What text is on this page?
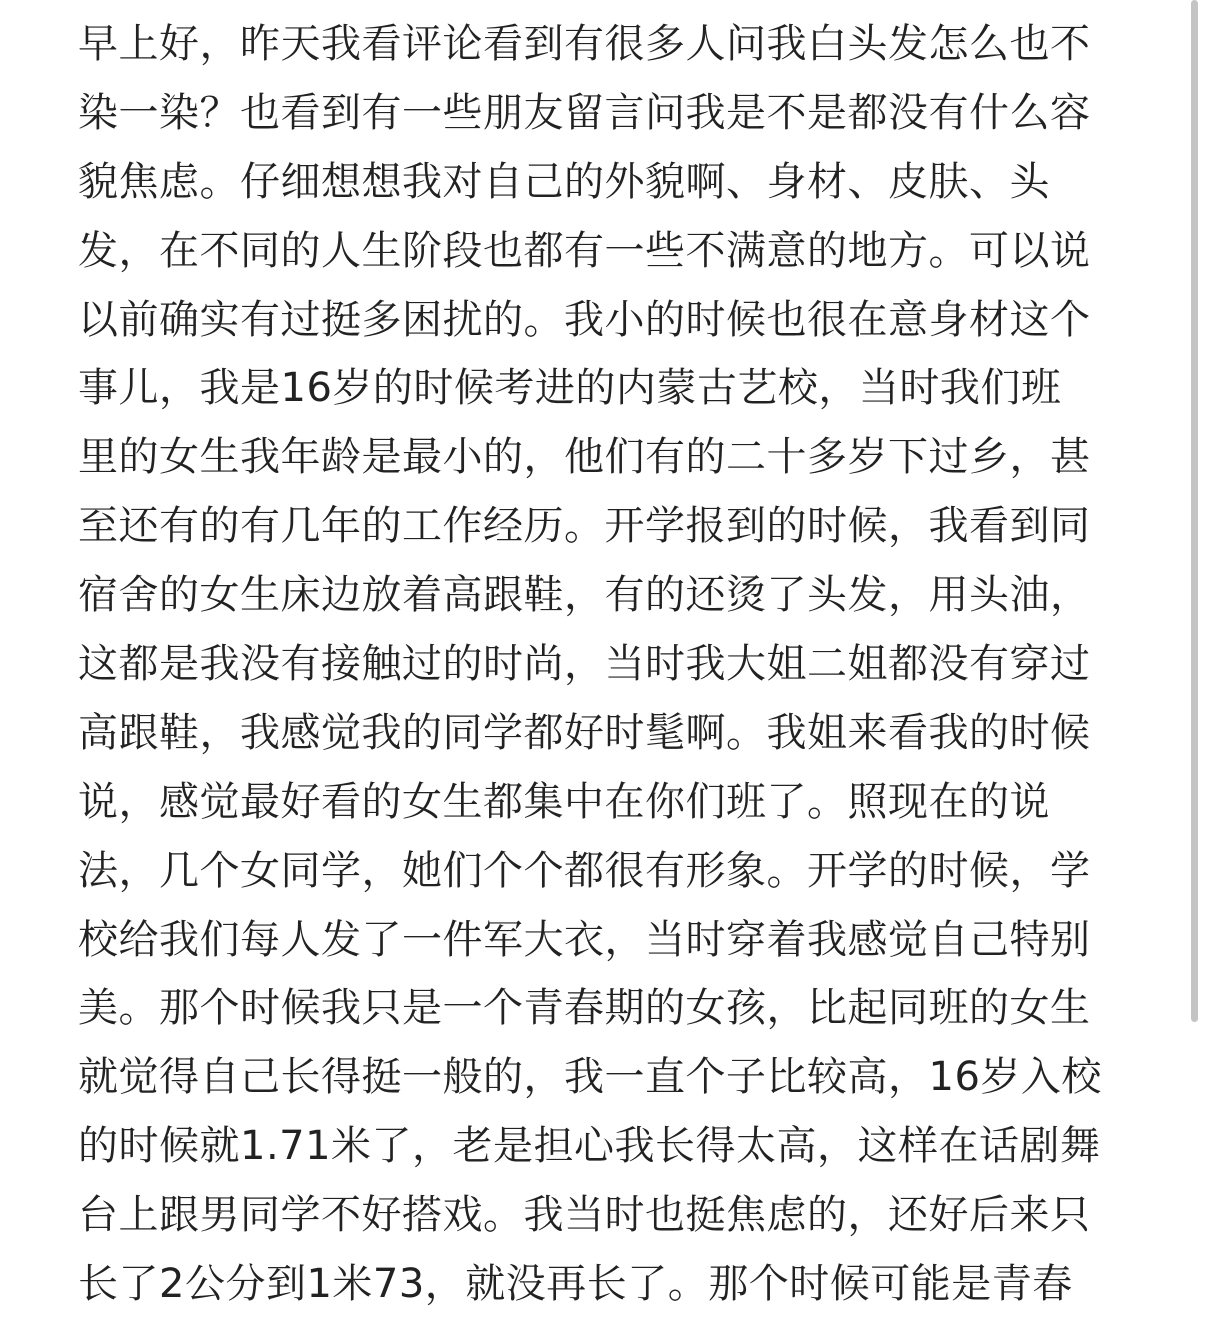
早上好，昨天我看评论看到有很多人问我白头发怎么也不
染一染？也看到有一些朋友留言问我是不是都没有什么容
貌焦虑。仔细想想我对自己的外貌啊、身材、皮肤、头
发，在不同的人生阶段也都有一些不满意的地方。可以说
以前确实有过挺多困扰的。我小的时候也很在意身材这个
事儿，我是16岁的时候考进的内蒙古艺校，当时我们班
里的女生我年龄是最小的，他们有的二十多岁下过乡，甚
至还有的有几年的工作经历。开学报到的时候，我看到同
宿舍的女生床边放着高跟鞋，有的还烫了头发，用头油，
这都是我没有接触过的时尚，当时我大姐二姐都没有穿过
高跟鞋，我感觉我的同学都好时髦啊。我姐来看我的时候
说，感觉最好看的女生都集中在你们班了。照现在的说
法，几个女同学，她们个个都很有形象。开学的时候，学
校给我们每人发了一件军大衣，当时穿着我感觉自己特别
美。那个时候我只是一个青春期的女孩，比起同班的女生
就觉得自己长得挺一般的，我一直个子比较高，16岁入校
的时候就1.71米了，老是担心我长得太高，这样在话剧舞
台上跟男同学不好搭戏。我当时也挺焦虑的，还好后来只
长了2公分到1米73，就没再长了。那个时候可能是青春
